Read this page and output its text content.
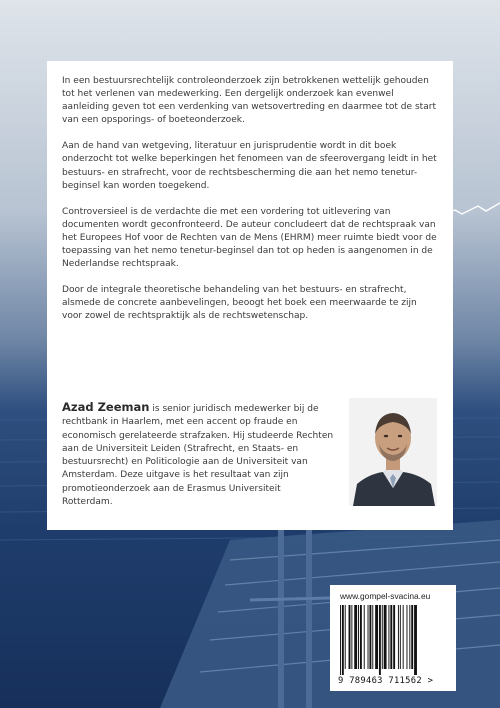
In een bestuursrechtelijk controleonderzoek zijn betrokkenen wettelijk gehouden tot het verlenen van medewerking. Een dergelijk onderzoek kan evenwel aanleiding geven tot een verdenking van wetsovertreding en daarmee tot de start van een opsporings- of boeteonderzoek.

Aan de hand van wetgeving, literatuur en jurisprudentie wordt in dit boek onderzocht tot welke beperkingen het fenomeen van de sfeerovergang leidt in het bestuurs- en strafrecht, voor de rechtsbescherming die aan het nemo tenetur-beginsel kan worden toegekend.

Controversieel is de verdachte die met een vordering tot uitlevering van documenten wordt geconfronteerd. De auteur concludeert dat de rechtspraak van het Europees Hof voor de Rechten van de Mens (EHRM) meer ruimte biedt voor de toepassing van het nemo tenetur-beginsel dan tot op heden is aangenomen in de Nederlandse rechtspraak.

Door de integrale theoretische behandeling van het bestuurs- en strafrecht, alsmede de concrete aanbevelingen, beoogt het boek een meerwaarde te zijn voor zowel de rechtspraktijk als de rechtswetenschap.

Azad Zeeman is senior juridisch medewerker bij de rechtbank in Haarlem, met een accent op fraude en economisch gerelateerde strafzaken. Hij studeerde Rechten aan de Universiteit Leiden (Strafrecht, en Staats- en bestuursrecht) en Politicologie aan de Universiteit van Amsterdam. Deze uitgave is het resultaat van zijn promotieonderzoek aan de Erasmus Universiteit Rotterdam.
www.gompel-svacina.eu
9 789463 711562 >
